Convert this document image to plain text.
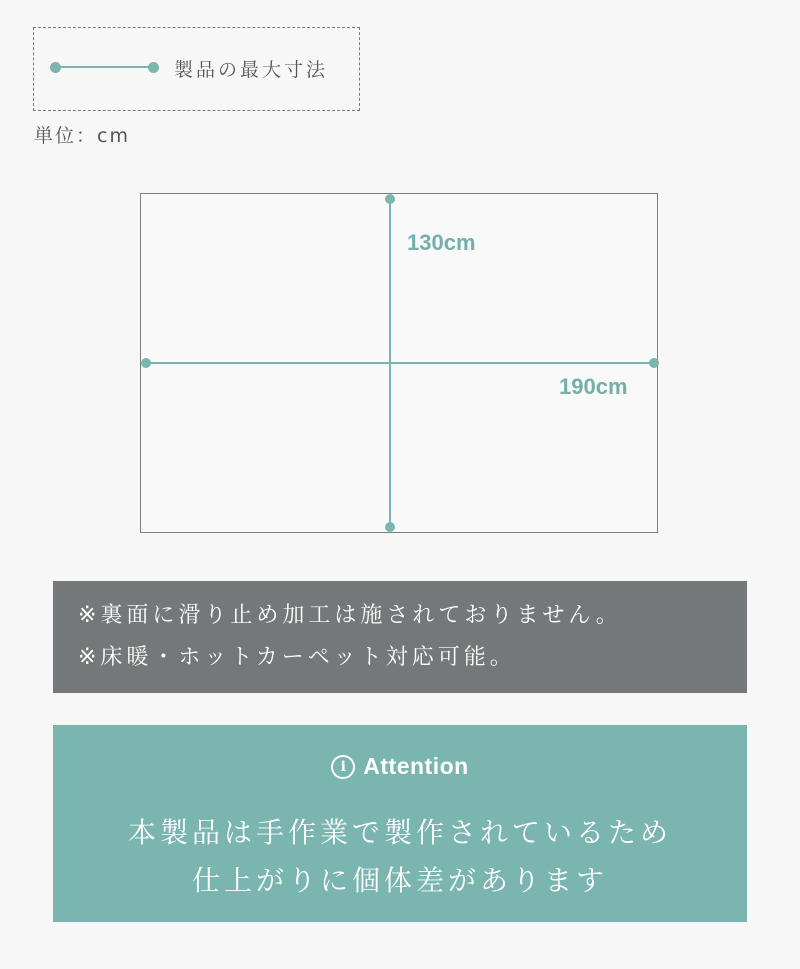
製品の最大寸法
単位：cm
130cm
190cm
※裏面に滑り止め加工は施されておりません。
※床暖・ホットカーペット対応可能。
i Attention
本製品は手作業で製作されているため
仕上がりに個体差があります
